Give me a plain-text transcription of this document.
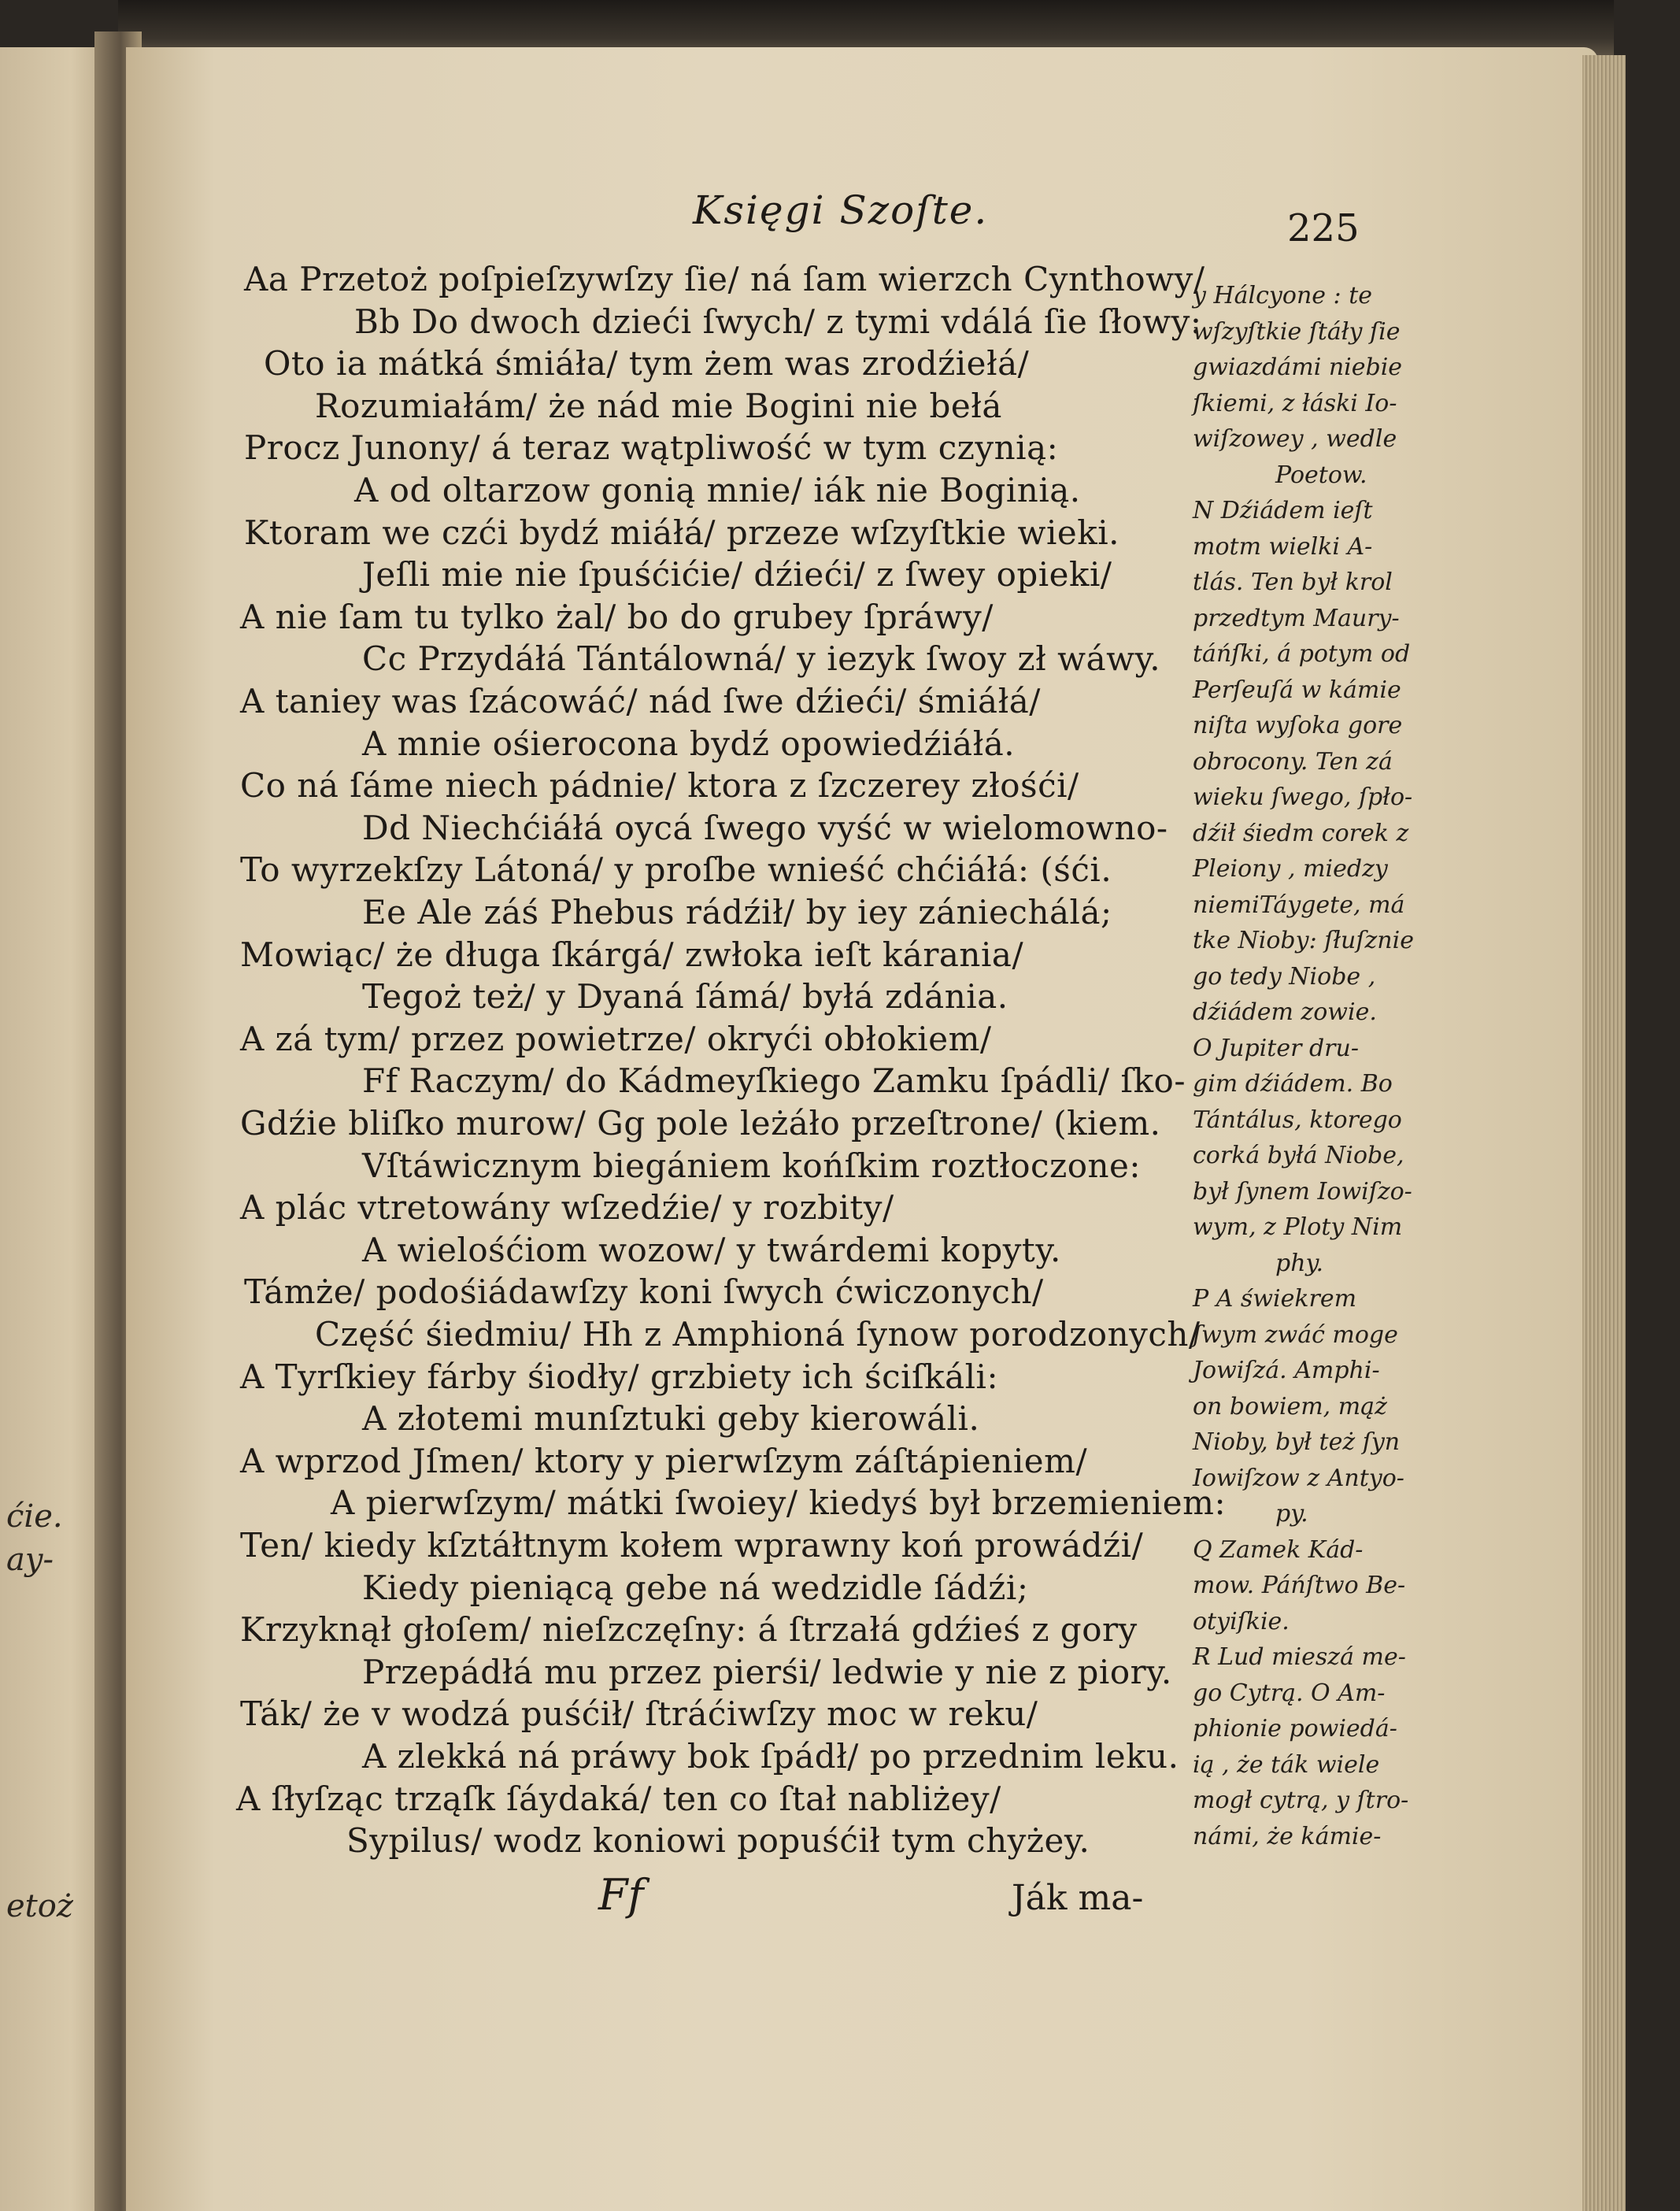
ćie.
ay-
etoż
Księgi Szoſte.	225
Aa Przetoż poſpieſzywſzy ſie/ ná ſam wierzch Cynthowy/
Bb Do dwoch dzieći ſwych/ z tymi vdálá ſie ſłowy:
Oto ia mátká śmiáła/ tym żem was zrodźiełá/
Rozumiałám/ że nád mie Bogini nie bełá
Procz Junony/ á teraz wątpliwość w tym czynią:
A od oltarzow gonią mnie/ iák nie Boginią.
Ktoram we czći bydź miáłá/ przeze wſzyſtkie wieki.
Jeſli mie nie ſpuśćićie/ dźieći/ z ſwey opieki/
A nie ſam tu tylko żal/ bo do grubey ſpráwy/
Cc Przydáłá Tántálowná/ y iezyk ſwoy zł wáwy.
A taniey was ſzácowáć/ nád ſwe dźieći/ śmiáłá/
A mnie ośierocona bydź opowiedźiáłá.
Co ná ſáme niech pádnie/ ktora z ſzczerey złośći/
Dd Niechćiáłá oycá ſwego vyść w wielomowno-
To wyrzekſzy Látoná/ y proſbe wnieść chćiáłá: (śći.
Ee Ale záś Phebus rádźił/ by iey zániechálá;
Mowiąc/ że długa ſkárgá/ zwłoka ieſt kárania/
Tegoż też/ y Dyaná ſámá/ byłá zdánia.
A zá tym/ przez powietrze/ okryći obłokiem/
Ff Raczym/ do Kádmeyſkiego Zamku ſpádli/ ſko-
Gdźie bliſko murow/ Gg pole leżáło przeſtrone/ (kiem.
Vſtáwicznym biegániem końſkim roztłoczone:
A plác vtretowány wſzedźie/ y rozbity/
A wielośćiom wozow/ y twárdemi kopyty.
Támże/ podośiádawſzy koni ſwych ćwiczonych/
Część śiedmiu/ Hh z Amphioná ſynow porodzonych/
A Tyrſkiey fárby śiodły/ grzbiety ich ściſkáli:
A złotemi munſztuki geby kierowáli.
A wprzod Jſmen/ ktory y pierwſzym záſtápieniem/
A pierwſzym/ mátki ſwoiey/ kiedyś był brzemieniem:
Ten/ kiedy kſztáłtnym kołem wprawny koń prowádźi/
Kiedy pieniącą gebe ná wedzidle ſádźi;
Krzyknął głoſem/ nieſzczęſny: á ſtrzałá gdźieś z gory
Przepádłá mu przez pierśi/ ledwie y nie z piory.
Ták/ że v wodzá puśćił/ ſtráćiwſzy moc w reku/
A zlekká ná práwy bok ſpádł/ po przednim leku.
A ſłyſząc trząſk ſáydaká/ ten co ſtał nabliżey/
Sypilus/ wodz koniowi popuśćił tym chyżey.
y Hálcyone : te
wſzyſtkie ſtáły ſie
gwiazdámi niebie
ſkiemi, z łáski Io-
wiſzowey , wedle
Poetow.
N Dźiádem ieſt
motm wielki A-
tlás. Ten był krol
przedtym Maury-
táńſki, á potym od
Perſeuſá w kámie
niſta wyſoka gore
obrocony. Ten zá
wieku ſwego, ſpło-
dźił śiedm corek z
Pleiony , miedzy
niemiTáygete, má
tke Nioby: ſłuſznie
go tedy Niobe ,
dźiádem zowie.
O Jupiter dru-
gim dźiádem. Bo
Tántálus, ktorego
corká byłá Niobe,
był ſynem Iowiſzo-
wym, z Ploty Nim
phy.
P A świekrem
ſwym zwáć moge
Jowiſzá. Amphi-
on bowiem, mąż
Nioby, był też ſyn
Iowiſzow z Antyo-
py.
Q Zamek Kád-
mow. Páńſtwo Be-
otyiſkie.
R Lud mieszá me-
go Cytrą. O Am-
phionie powiedá-
ią , że ták wiele
mogł cytrą, y ſtro-
námi, że kámie-
Ff	Ják ma-
